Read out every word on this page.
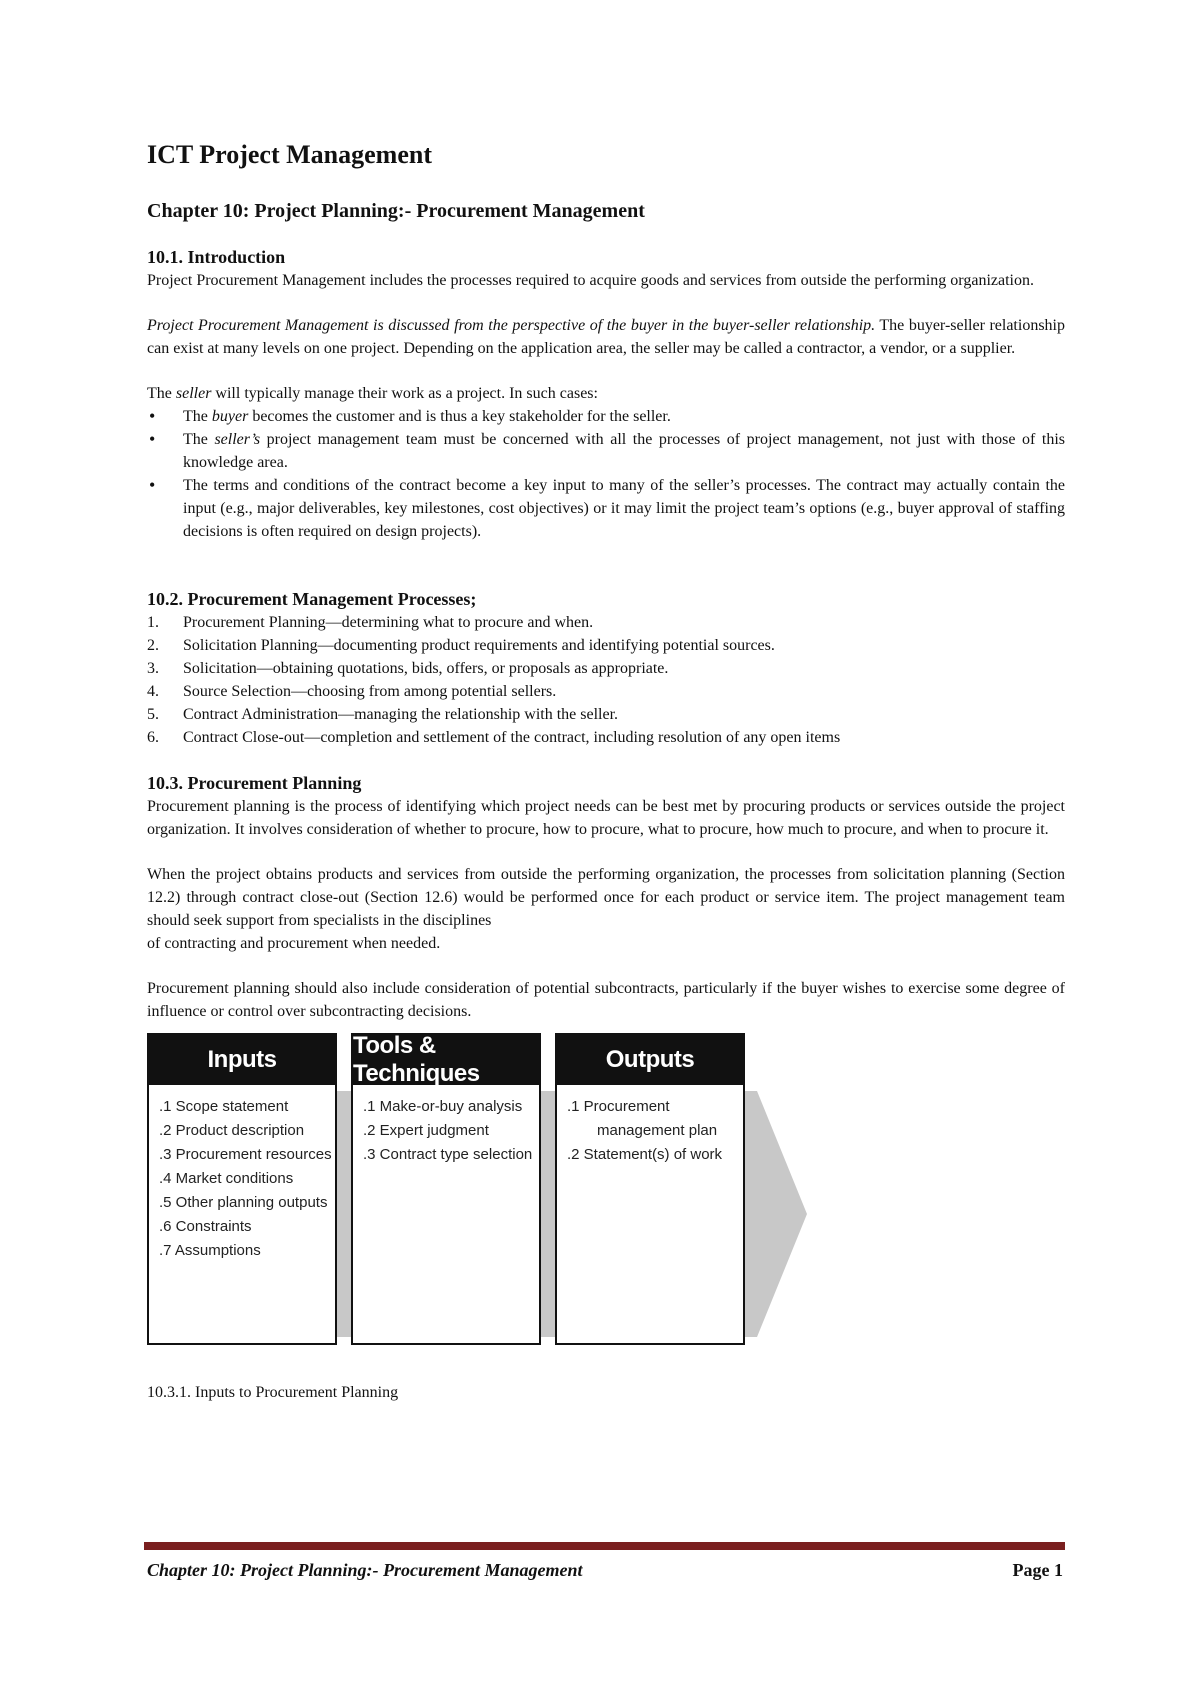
ICT Project Management
Chapter 10: Project Planning:- Procurement Management
10.1. Introduction

Project Procurement Management includes the processes required to acquire goods and services from outside the performing organization.

Project Procurement Management is discussed from the perspective of the buyer in the buyer-seller relationship. The buyer-seller relationship can exist at many levels on one project. Depending on the application area, the seller may be called a contractor, a vendor, or a supplier.

The seller will typically manage their work as a project. In such cases:

• The buyer becomes the customer and is thus a key stakeholder for the seller.
• The seller’s project management team must be concerned with all the processes of project management, not just with those of this knowledge area.
• The terms and conditions of the contract become a key input to many of the seller’s processes. The contract may actually contain the input (e.g., major deliverables, key milestones, cost objectives) or it may limit the project team’s options (e.g., buyer approval of staffing decisions is often required on design projects).
10.2. Procurement Management Processes;
1. Procurement Planning—determining what to procure and when.
2. Solicitation Planning—documenting product requirements and identifying potential sources.
3. Solicitation—obtaining quotations, bids, offers, or proposals as appropriate.
4. Source Selection—choosing from among potential sellers.
5. Contract Administration—managing the relationship with the seller.
6. Contract Close-out—completion and settlement of the contract, including resolution of any open items
10.3. Procurement Planning

Procurement planning is the process of identifying which project needs can be best met by procuring products or services outside the project organization. It involves consideration of whether to procure, how to procure, what to procure, how much to procure, and when to procure it.

When the project obtains products and services from outside the performing organization, the processes from solicitation planning (Section 12.2) through contract close-out (Section 12.6) would be performed once for each product or service item. The project management team should seek support from specialists in the disciplines

of contracting and procurement when needed.

Procurement planning should also include consideration of potential subcontracts, particularly if the buyer wishes to exercise some degree of influence or control over subcontracting decisions.

Inputs
.1 Scope statement
.2 Product description
.3 Procurement resources
.4 Market conditions
.5 Other planning outputs
.6 Constraints
.7 Assumptions
Tools & Techniques
.1 Make-or-buy analysis
.2 Expert judgment
.3 Contract type selection
Outputs
.1 Procurement
management plan
.2 Statement(s) of work

10.3.1. Inputs to Procurement Planning

Chapter 10: Project Planning:- Procurement Management	Page 1
